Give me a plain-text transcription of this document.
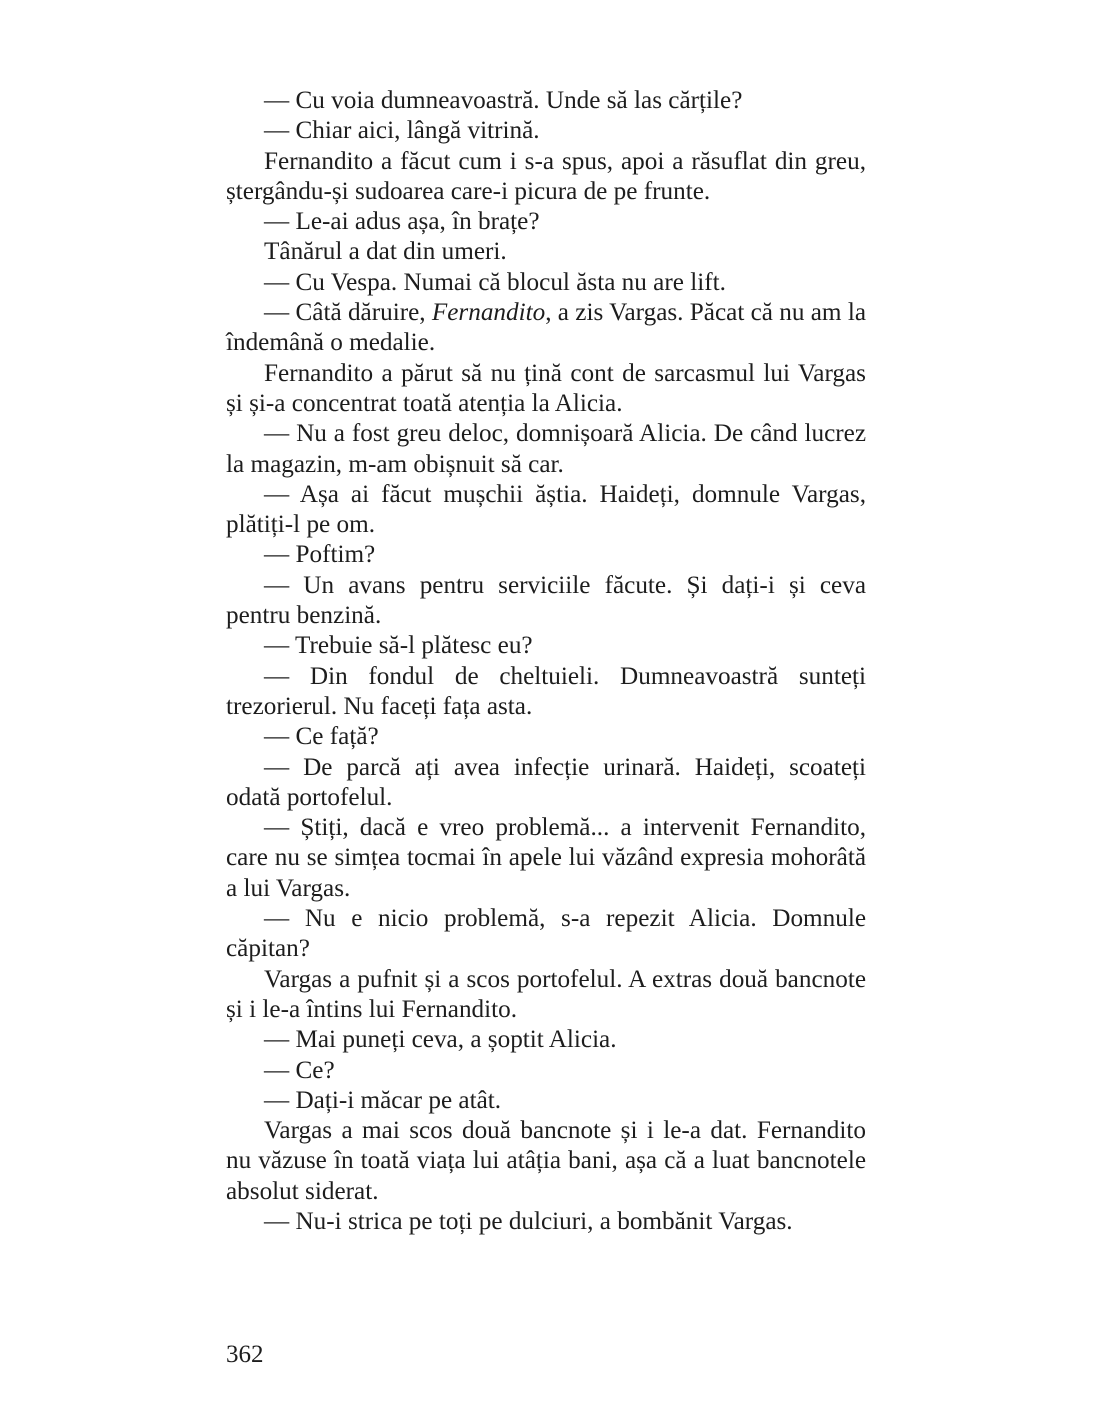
— Cu voia dumneavoastră. Unde să las cărțile?

— Chiar aici, lângă vitrină.

Fernandito a făcut cum i s-a spus, apoi a răsuflat din greu, ștergându-și sudoarea care-i picura de pe frunte.

— Le-ai adus așa, în brațe?

Tânărul a dat din umeri.

— Cu Vespa. Numai că blocul ăsta nu are lift.

— Câtă dăruire, Fernandito, a zis Vargas. Păcat că nu am la îndemână o medalie.

Fernandito a părut să nu țină cont de sarcasmul lui Vargas și și-a concentrat toată atenția la Alicia.

— Nu a fost greu deloc, domnișoară Alicia. De când lucrez la magazin, m-am obișnuit să car.

— Așa ai făcut mușchii ăștia. Haideți, domnule Vargas, plătiți-l pe om.

— Poftim?

— Un avans pentru serviciile făcute. Și dați-i și ceva pentru benzină.

— Trebuie să-l plătesc eu?

— Din fondul de cheltuieli. Dumneavoastră sunteți trezorierul. Nu faceți fața asta.

— Ce față?

— De parcă ați avea infecție urinară. Haideți, scoateți odată portofelul.

— Știți, dacă e vreo problemă... a intervenit Fernandito, care nu se simțea tocmai în apele lui văzând expresia mohorâtă a lui Vargas.

— Nu e nicio problemă, s-a repezit Alicia. Domnule căpitan?

Vargas a pufnit și a scos portofelul. A extras două bancnote și i le-a întins lui Fernandito.

— Mai puneți ceva, a șoptit Alicia.

— Ce?

— Dați-i măcar pe atât.

Vargas a mai scos două bancnote și i le-a dat. Fernandito nu văzuse în toată viața lui atâția bani, așa că a luat bancnotele absolut siderat.

— Nu-i strica pe toți pe dulciuri, a bombănit Vargas.

362
